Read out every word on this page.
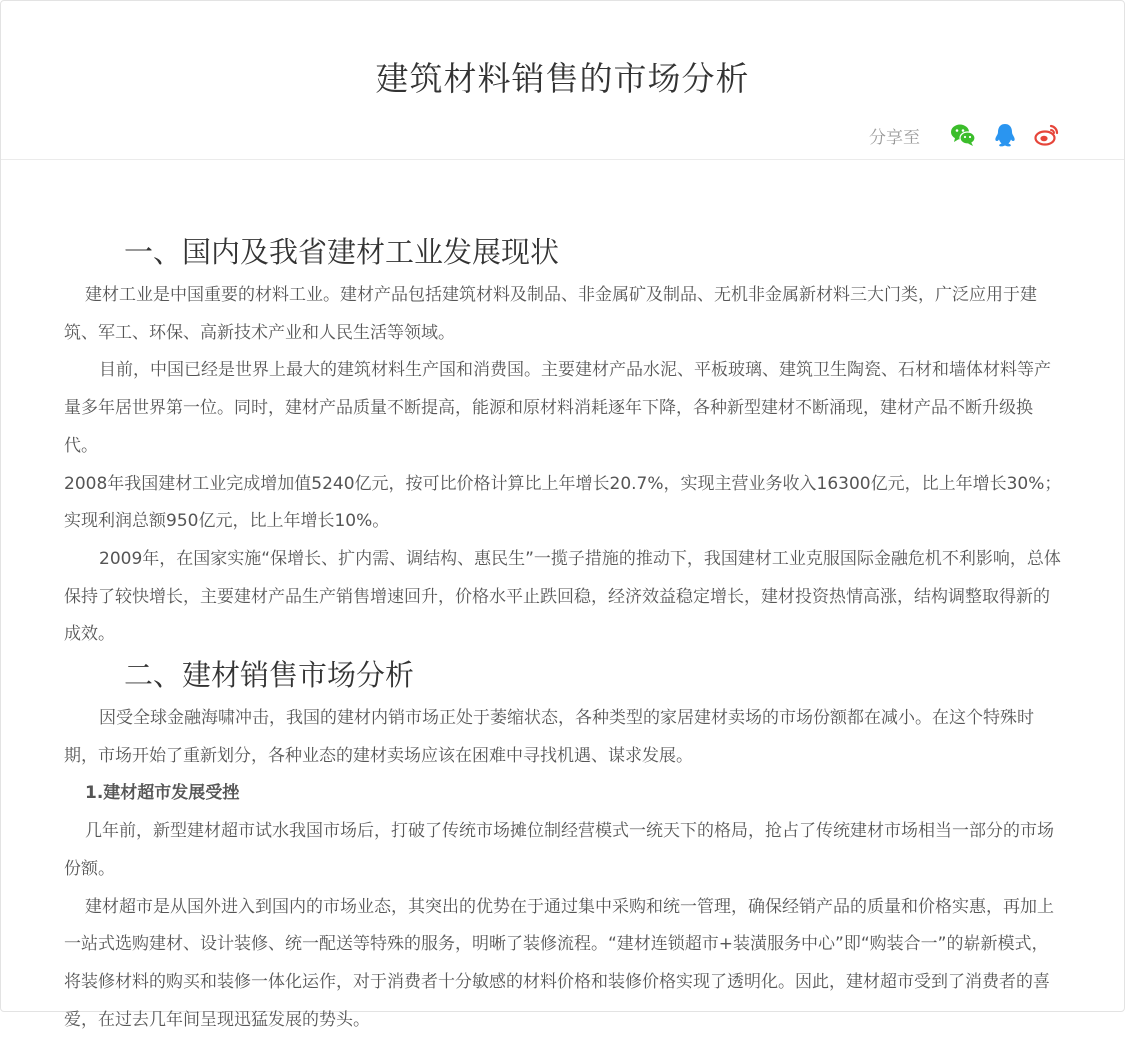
建筑材料销售的市场分析
分享至
一、国内及我省建材工业发展现状

建材工业是中国重要的材料工业。建材产品包括建筑材料及制品、非金属矿及制品、无机非金属新材料三大门类，广泛应用于建筑、军工、环保、高新技术产业和人民生活等领域。

目前，中国已经是世界上最大的建筑材料生产国和消费国。主要建材产品水泥、平板玻璃、建筑卫生陶瓷、石材和墙体材料等产量多年居世界第一位。同时，建材产品质量不断提高，能源和原材料消耗逐年下降，各种新型建材不断涌现，建材产品不断升级换代。

2008年我国建材工业完成增加值5240亿元，按可比价格计算比上年增长20.7%，实现主营业务收入16300亿元，比上年增长30%；实现利润总额950亿元，比上年增长10%。

2009年，在国家实施“保增长、扩内需、调结构、惠民生”一揽子措施的推动下，我国建材工业克服国际金融危机不利影响，总体保持了较快增长，主要建材产品生产销售增速回升，价格水平止跌回稳，经济效益稳定增长，建材投资热情高涨，结构调整取得新的成效。

二、建材销售市场分析

因受全球金融海啸冲击，我国的建材内销市场正处于萎缩状态，各种类型的家居建材卖场的市场份额都在减小。在这个特殊时期，市场开始了重新划分，各种业态的建材卖场应该在困难中寻找机遇、谋求发展。

1.建材超市发展受挫

几年前，新型建材超市试水我国市场后，打破了传统市场摊位制经营模式一统天下的格局，抢占了传统建材市场相当一部分的市场份额。

建材超市是从国外进入到国内的市场业态，其突出的优势在于通过集中采购和统一管理，确保经销产品的质量和价格实惠，再加上一站式选购建材、设计装修、统一配送等特殊的服务，明晰了装修流程。“建材连锁超市+装潢服务中心”即“购装合一”的崭新模式，将装修材料的购买和装修一体化运作，对于消费者十分敏感的材料价格和装修价格实现了透明化。因此，建材超市受到了消费者的喜爱，在过去几年间呈现迅猛发展的势头。
